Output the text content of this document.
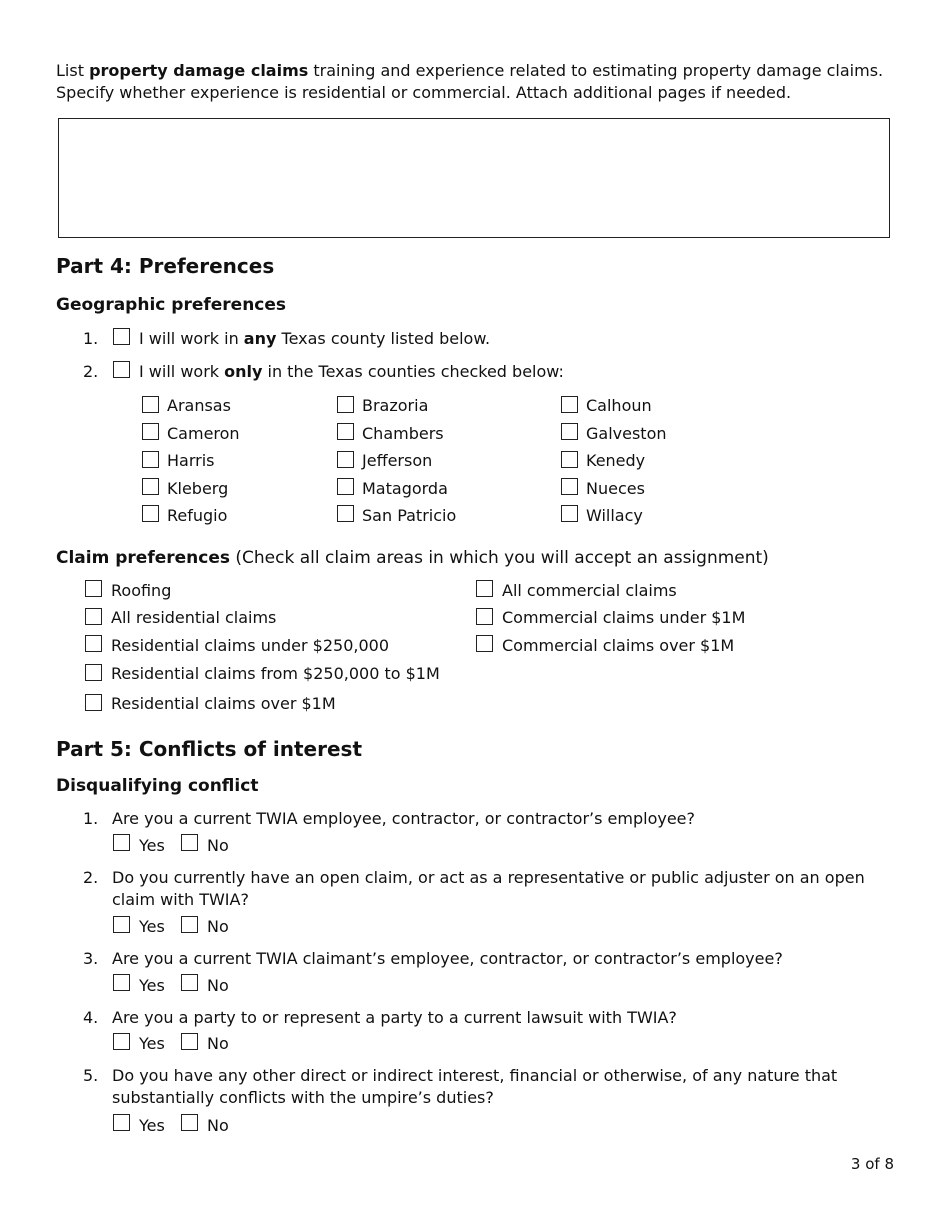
List property damage claims training and experience related to estimating property damage claims. Specify whether experience is residential or commercial. Attach additional pages if needed.
Part 4: Preferences
Geographic preferences
1.	I will work in any Texas county listed below.
2.	I will work only in the Texas counties checked below:
Aransas	Brazoria	Calhoun
Cameron	Chambers	Galveston
Harris	Jefferson	Kenedy
Kleberg	Matagorda	Nueces
Refugio	San Patricio	Willacy
Claim preferences (Check all claim areas in which you will accept an assignment)
Roofing
All residential claims
Residential claims under $250,000
Residential claims from $250,000 to $1M
Residential claims over $1M
All commercial claims
Commercial claims under $1M
Commercial claims over $1M
Part 5: Conflicts of interest
Disqualifying conflict
1. Are you a current TWIA employee, contractor, or contractor’s employee?
Yes	No
2. Do you currently have an open claim, or act as a representative or public adjuster on an open claim with TWIA?
Yes	No
3. Are you a current TWIA claimant’s employee, contractor, or contractor’s employee?
Yes	No
4. Are you a party to or represent a party to a current lawsuit with TWIA?
Yes	No
5. Do you have any other direct or indirect interest, financial or otherwise, of any nature that substantially conflicts with the umpire’s duties?
Yes	No
3 of 8
